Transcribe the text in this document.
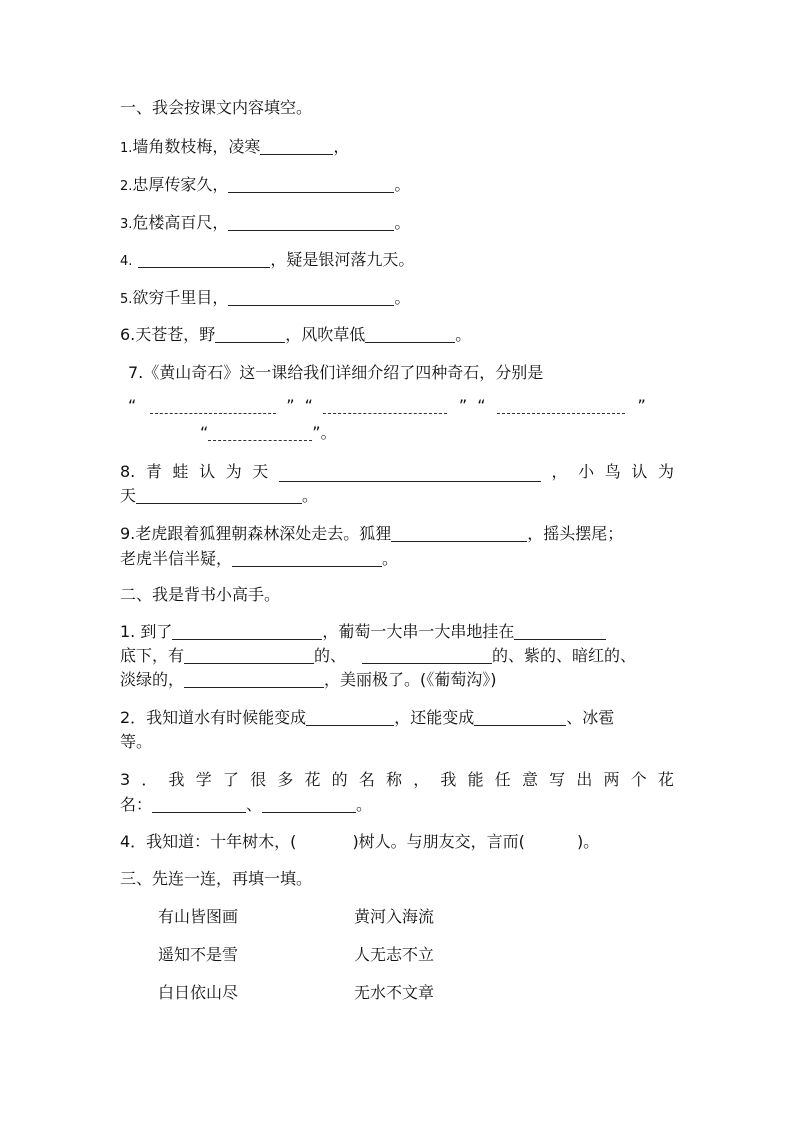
一、我会按课文内容填空。
1.墙角数枝梅，凌寒	，
2.忠厚传家久，	。
3.危楼高百尺，	。
4.	，疑是银河落九天。
5.欲穷千里目，	。
6.天苍苍，野	，风吹草低	。
7.《黄山奇石》这一课给我们详细介绍了四种奇石，分别是
“	” “	” “	”
“	”。
8. 青 蛙 认 为 天	， 小 鸟 认 为
天	。
9.老虎跟着狐狸朝森林深处走去。狐狸	，摇头摆尾；
老虎半信半疑，	。
二、我是背书小高手。
1. 到了	，葡萄一大串一大串地挂在
底下，有	的、	的、紫的、暗红的、
淡绿的，	，美丽极了。(《葡萄沟》)
2．我知道水有时候能变成	，还能变成	、冰雹
等。
3 ． 我 学 了 很 多 花 的 名 称 ， 我 能 任 意 写 出 两 个 花
名：	、	。
4．我知道：十年树木，(	)树人。与朋友交，言而(	)。
三、先连一连，再填一填。
有山皆图画	黄河入海流
遥知不是雪	人无志不立
白日依山尽	无水不文章
